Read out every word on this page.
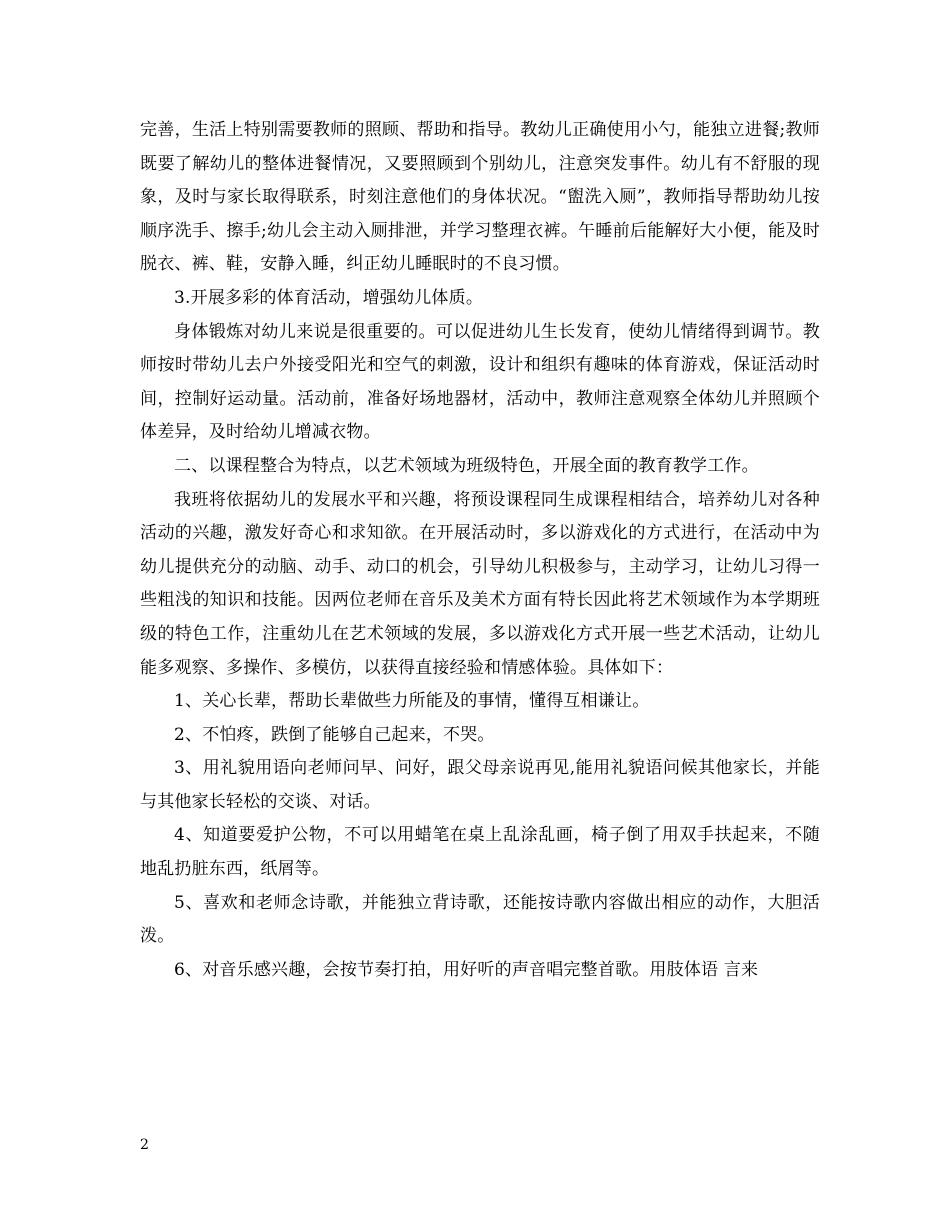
完善，生活上特别需要教师的照顾、帮助和指导。教幼儿正确使用小勺，能独立进餐;教师既要了解幼儿的整体进餐情况，又要照顾到个别幼儿，注意突发事件。幼儿有不舒服的现象，及时与家长取得联系，时刻注意他们的身体状况。“盥洗入厕”，教师指导帮助幼儿按顺序洗手、擦手;幼儿会主动入厕排泄，并学习整理衣裤。午睡前后能解好大小便，能及时脱衣、裤、鞋，安静入睡，纠正幼儿睡眠时的不良习惯。

3.开展多彩的体育活动，增强幼儿体质。

身体锻炼对幼儿来说是很重要的。可以促进幼儿生长发育，使幼儿情绪得到调节。教师按时带幼儿去户外接受阳光和空气的刺激，设计和组织有趣味的体育游戏，保证活动时间，控制好运动量。活动前，准备好场地器材，活动中，教师注意观察全体幼儿并照顾个体差异，及时给幼儿增减衣物。

二、以课程整合为特点，以艺术领域为班级特色，开展全面的教育教学工作。

我班将依据幼儿的发展水平和兴趣，将预设课程同生成课程相结合，培养幼儿对各种活动的兴趣，激发好奇心和求知欲。在开展活动时，多以游戏化的方式进行，在活动中为幼儿提供充分的动脑、动手、动口的机会，引导幼儿积极参与，主动学习，让幼儿习得一些粗浅的知识和技能。因两位老师在音乐及美术方面有特长因此将艺术领域作为本学期班级的特色工作，注重幼儿在艺术领域的发展，多以游戏化方式开展一些艺术活动，让幼儿能多观察、多操作、多模仿，以获得直接经验和情感体验。具体如下：

1、关心长辈，帮助长辈做些力所能及的事情，懂得互相谦让。

2、不怕疼，跌倒了能够自己起来，不哭。

3、用礼貌用语向老师问早、问好，跟父母亲说再见,能用礼貌语问候其他家长，并能与其他家长轻松的交谈、对话。

4、知道要爱护公物，不可以用蜡笔在桌上乱涂乱画，椅子倒了用双手扶起来，不随地乱扔脏东西，纸屑等。

5、喜欢和老师念诗歌，并能独立背诗歌，还能按诗歌内容做出相应的动作，大胆活泼。

6、对音乐感兴趣，会按节奏打拍，用好听的声音唱完整首歌。用肢体语 言来

2
